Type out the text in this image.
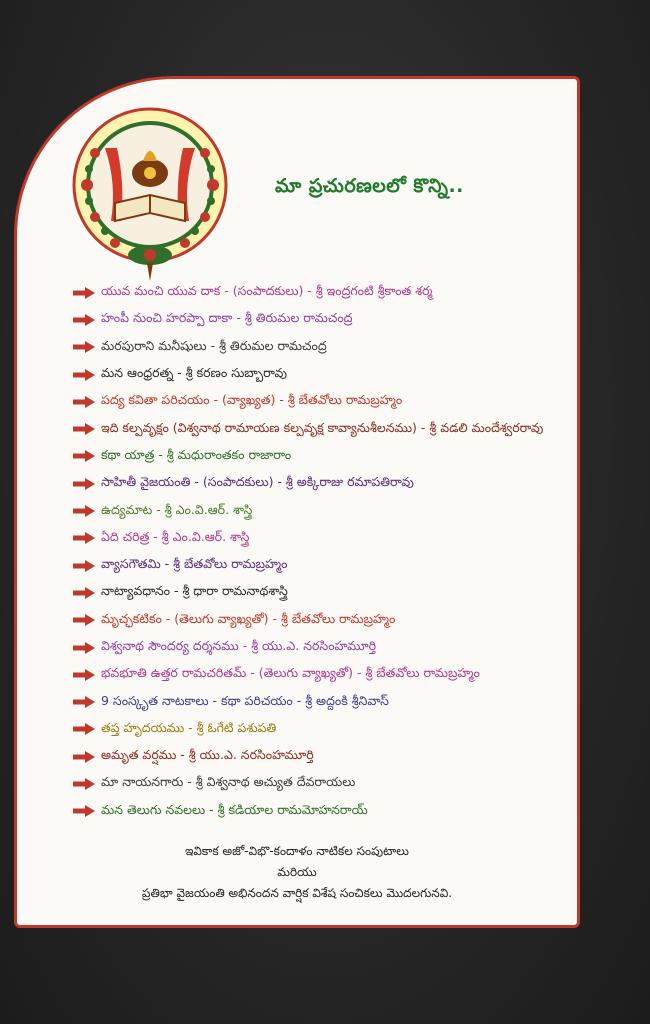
మా ప్రచురణలలో కొన్ని..
యువ మంచి యువ దాక - (సంపాదకులు) - శ్రీ ఇంద్రగంటి శ్రీకాంత శర్మ
హంపీ నుంచి హరప్పా దాకా - శ్రీ తిరుమల రామచంద్ర
మరపురాని మనీషులు - శ్రీ తిరుమల రామచంద్ర
మన ఆంధ్రరత్న - శ్రీ కరణం సుబ్బారావు
పద్య కవితా పరిచయం - (వ్యాఖ్యత) - శ్రీ బేతవోలు రామబ్రహ్మం
ఇది కల్పవృక్షం (విశ్వనాథ రామాయణ కల్పవృక్ష కావ్యానుశీలనము) - శ్రీ వడలి మందేశ్వరరావు
కథా యాత్ర - శ్రీ మధురాంతకం రాజారాం
సాహితీ వైజయంతి - (సంపాదకులు) - శ్రీ అక్కిరాజు రమాపతిరావు
ఉద్యమాట - శ్రీ ఎం.వి.ఆర్. శాస్త్రి
ఏది చరిత్ర - శ్రీ ఎం.వి.ఆర్. శాస్త్రి
వ్యాసగౌతమి - శ్రీ బేతవోలు రామబ్రహ్మం
నాట్యావధానం - శ్రీ ధారా రామనాథశాస్త్రి
మృచ్ఛకటికం - (తెలుగు వ్యాఖ్యతో) - శ్రీ బేతవోలు రామబ్రహ్మం
విశ్వనాథ సౌందర్య దర్శనము - శ్రీ యు.ఎ. నరసింహమూర్తి
భవభూతి ఉత్తర రామచరితమ్ - (తెలుగు వ్యాఖ్యతో) - శ్రీ బేతవోలు రామబ్రహ్మం
9 సంస్కృత నాటకాలు - కథా పరిచయం - శ్రీ అద్దంకి శ్రీనివాస్
తప్త హృదయము - శ్రీ ఓగేటి పశుపతి
అమృత వర్షము - శ్రీ యు.ఎ. నరసింహమూర్తి
మా నాయనగారు - శ్రీ విశ్వనాథ అచ్యుత దేవరాయలు
మన తెలుగు నవలలు - శ్రీ కడియాల రామమోహనరాయ్
ఇవికాక అజో-విభొ-కందాళం నాటికల సంపుటాలు
మరియు
ప్రతిభా వైజయంతి అభినందన వార్షిక విశేష సంచికలు మొదలగునవి.
